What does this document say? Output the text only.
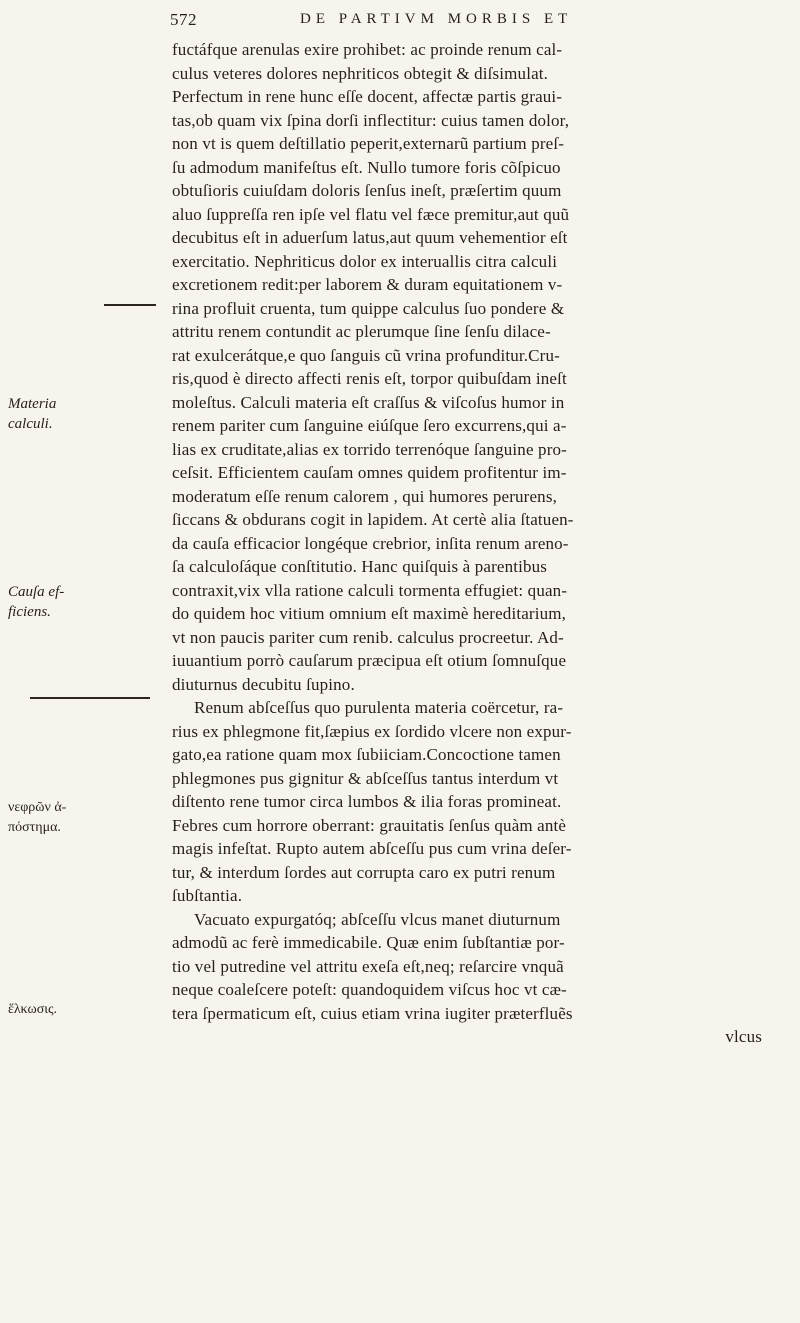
572	DE PARTIVM MORBIS ET
Materia
calculi.
Cauſa ef-
ficiens.
νεφρῶν ἀ-
πόστημα.
ἕλκωσις.
fuctáfque arenulas exire prohibet: ac proinde renum cal-
culus veteres dolores nephriticos obtegit & diſsimulat.
Perfectum in rene hunc eſſe docent, affectæ partis graui-
tas,ob quam vix ſpina dorſi inflectitur: cuius tamen dolor,
non vt is quem deſtillatio peperit,externarũ partium preſ-
ſu admodum manifeſtus eſt. Nullo tumore foris cõſpicuo
obtuſioris cuiuſdam doloris ſenſus ineſt, præſertim quum
aluo ſuppreſſa ren ipſe vel flatu vel fæce premitur,aut quũ
decubitus eſt in aduerſum latus,aut quum vehementior eſt
exercitatio. Nephriticus dolor ex interuallis citra calculi
excretionem redit:per laborem & duram equitationem v-
rina profluit cruenta, tum quippe calculus ſuo pondere &
attritu renem contundit ac plerumque ſine ſenſu dilace-
rat exulcerátque,e quo ſanguis cũ vrina profunditur.Cru-
ris,quod è directo affecti renis eſt, torpor quibuſdam ineſt
moleſtus. Calculi materia eſt craſſus & viſcoſus humor in
renem pariter cum ſanguine eiúſque ſero excurrens,qui a-
lias ex cruditate,alias ex torrido terrenóque ſanguine pro-
ceſsit. Efficientem cauſam omnes quidem profitentur im-
moderatum eſſe renum calorem , qui humores perurens,
ſiccans & obdurans cogit in lapidem. At certè alia ſtatuen-
da cauſa efficacior longéque crebrior, inſita renum areno-
ſa calculoſáque conſtitutio. Hanc quiſquis à parentibus
contraxit,vix vlla ratione calculi tormenta effugiet: quan-
do quidem hoc vitium omnium eſt maximè hereditarium,
vt non paucis pariter cum renib. calculus procreetur. Ad-
iuuantium porrò cauſarum præcipua eſt otium ſomnuſque
diuturnus decubitu ſupino.
Renum abſceſſus quo purulenta materia coërcetur, ra-
rius ex phlegmone fit,ſæpius ex ſordido vlcere non expur-
gato,ea ratione quam mox ſubiiciam.Concoctione tamen
phlegmones pus gignitur & abſceſſus tantus interdum vt
diſtento rene tumor circa lumbos & ilia foras promineat.
Febres cum horrore oberrant: grauitatis ſenſus quàm antè
magis infeſtat. Rupto autem abſceſſu pus cum vrina deſer-
tur, & interdum ſordes aut corrupta caro ex putri renum
ſubſtantia.
Vacuato expurgatóq; abſceſſu vlcus manet diuturnum
admodũ ac ferè immedicabile. Quæ enim ſubſtantiæ por-
tio vel putredine vel attritu exeſa eſt,neq; reſarcire vnquã
neque coaleſcere poteſt: quandoquidem viſcus hoc vt cæ-
tera ſpermaticum eſt, cuius etiam vrina iugiter præterfluẽs
vlcus
